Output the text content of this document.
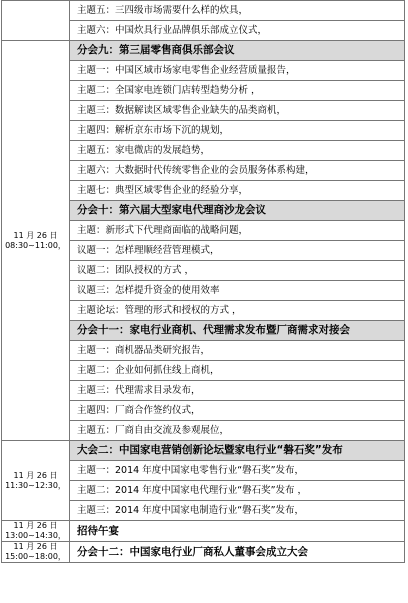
	主题五：三四级市场需要什么样的炊具，
	主题六：中国炊具行业品牌俱乐部成立仪式，
11 月 26 日
08:30~11:00，	分会九：第三届零售商俱乐部会议
	主题一：中国区域市场家电零售企业经营质量报告，
	主题二：全国家电连锁门店转型趋势分析 ，
	主题三：数据解读区域零售企业缺失的品类商机，
	主题四：解析京东市场下沉的规划，
	主题五：家电微店的发展趋势，
	主题六：大数据时代传统零售企业的会员服务体系构建，
	主题七：典型区域零售企业的经验分享，
	分会十：第六届大型家电代理商沙龙会议
	主题：新形式下代理商面临的战略问题，
	议题一：怎样理顺经营管理模式，
	议题二：团队授权的方式 ，
	议题三：怎样提升资金的使用效率
	主题论坛：管理的形式和授权的方式 ，
	分会十一：家电行业商机、代理需求发布暨厂商需求对接会
	主题一：商机器品类研究报告，
	主题二：企业如何抓住线上商机，
	主题三：代理需求目录发布，
	主题四：厂商合作签约仪式，
	主题五：厂商自由交流及参观展位，
11 月 26 日
11:30~12:30，	大会二：中国家电营销创新论坛暨家电行业“磐石奖”发布
	主题一：2014 年度中国家电零售行业“磐石奖”发布，
	主题二：2014 年度中国家电代理行业“磐石奖”发布 ，
	主题三：2014 年度中国家电制造行业“磐石奖”发布，
11 月 26 日
13:00~14:30，	招待午宴
11 月 26 日
15:00~18:00，	分会十二：中国家电行业厂商私人董事会成立大会
